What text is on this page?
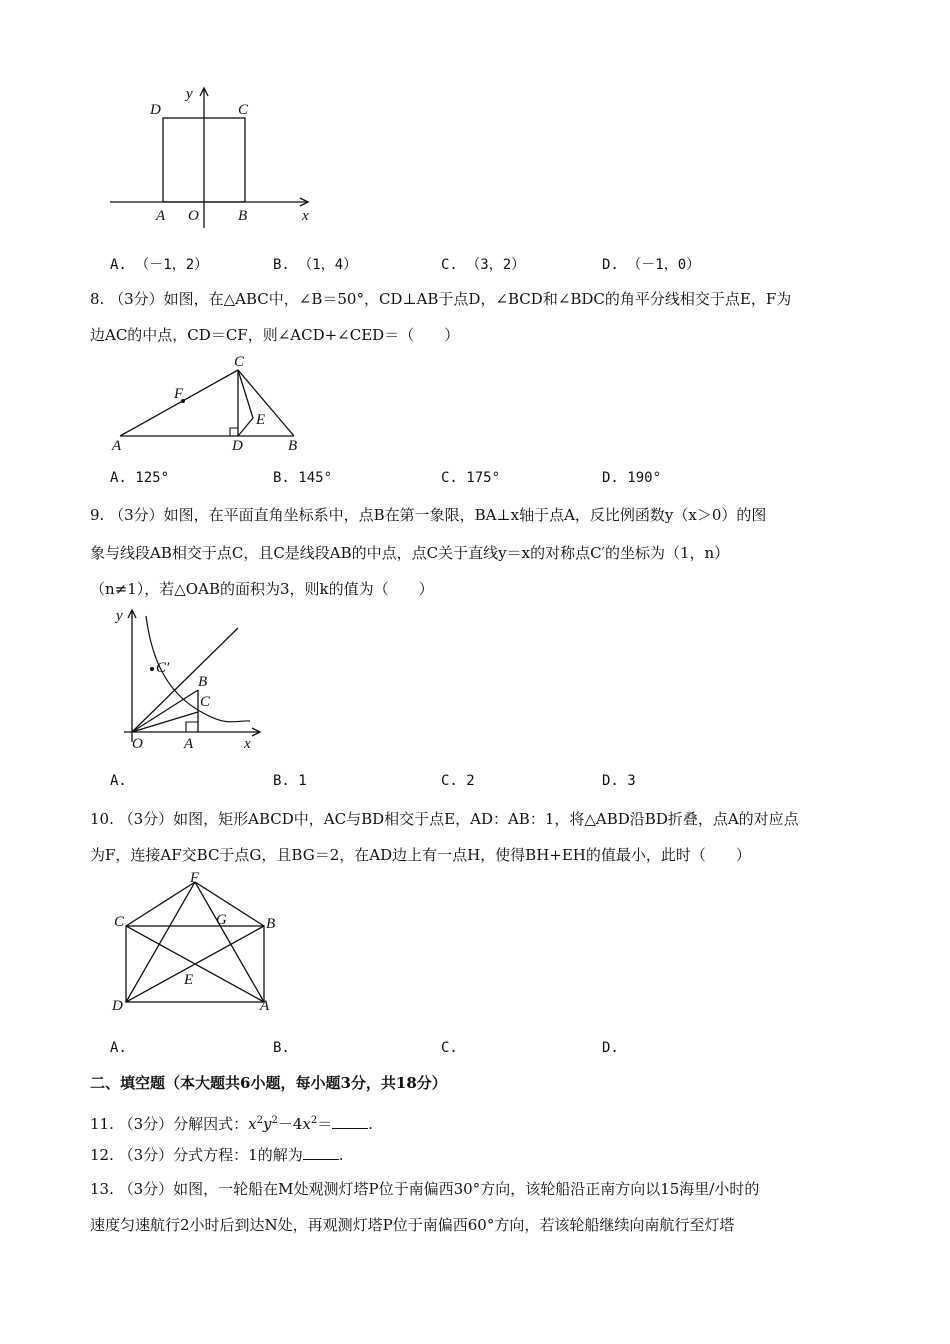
y
D	C
A O	B	x
A. （－1，2）	B. （1，4）	C. （3，2）	D. （－1，0）
8. （3分）如图，在△ABC中，∠B＝50°，CD⊥AB于点D，∠BCD和∠BDC的角平分线相交于点E，F为
边AC的中点，CD＝CF，则∠ACD+∠CED＝（　　）
C
F
E
A	D	B
A. 125°	B. 145°	C. 175°	D. 190°
9. （3分）如图，在平面直角坐标系中，点B在第一象限，BA⊥x轴于点A，反比例函数y（x＞0）的图
象与线段AB相交于点C，且C是线段AB的中点，点C关于直线y＝x的对称点C′的坐标为（1，n）
（n≠1），若△OAB的面积为3，则k的值为（　　）
y
C′
B
C
O	A	x
A.	B. 1	C. 2	D. 3
10. （3分）如图，矩形ABCD中，AC与BD相交于点E，AD：AB：1，将△ABD沿BD折叠，点A的对应点
为F，连接AF交BC于点G，且BG＝2，在AD边上有一点H，使得BH+EH的值最小，此时（　　）
F
C	G	B
E
D	A
A.	B.	C.	D.
二、填空题（本大题共6小题，每小题3分，共18分）
11. （3分）分解因式：$x^2y^2-4x^2=$ .
12. （3分）分式方程：1的解为 .
13. （3分）如图，一轮船在M处观测灯塔P位于南偏西30°方向，该轮船沿正南方向以15海里/小时的
速度匀速航行2小时后到达N处，再观测灯塔P位于南偏西60°方向，若该轮船继续向南航行至灯塔
